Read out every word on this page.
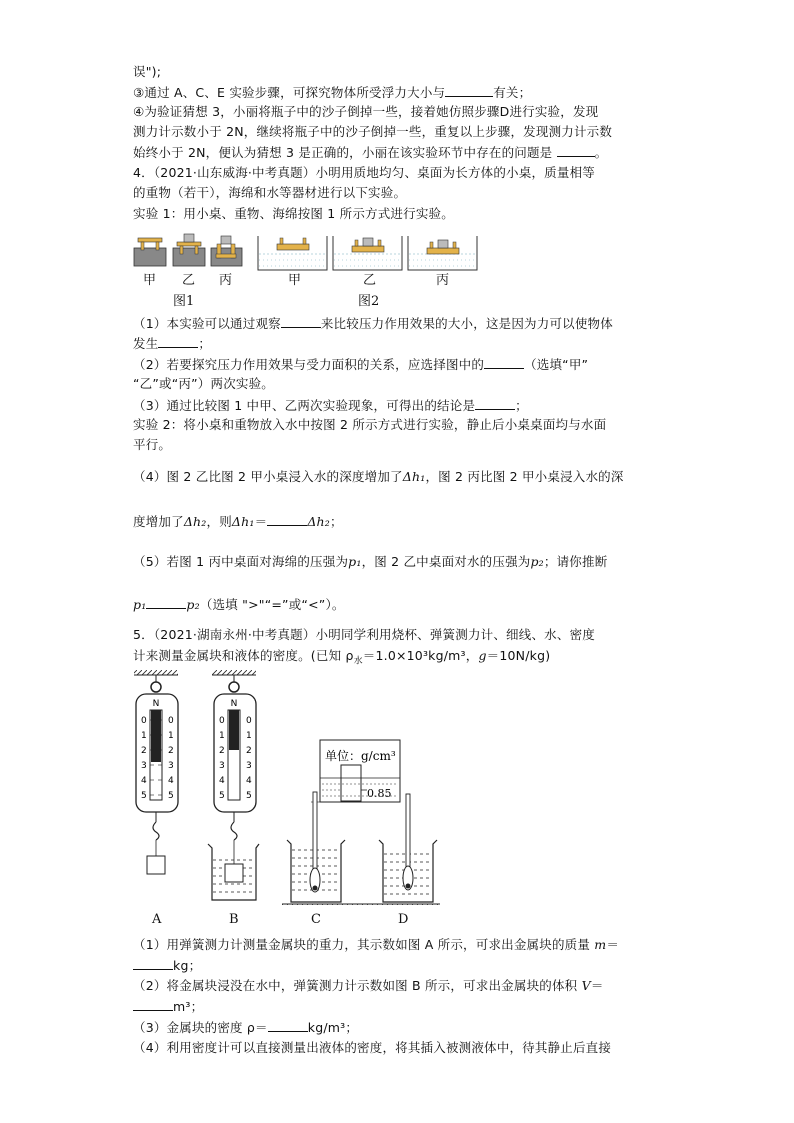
误");
③通过 A、C、E 实验步骤，可探究物体所受浮力大小与	有关；
④为验证猜想 3，小丽将瓶子中的沙子倒掉一些，接着她仿照步骤D进行实验，发现
测力计示数小于 2N，继续将瓶子中的沙子倒掉一些，重复以上步骤，发现测力计示数
始终小于 2N，便认为猜想 3 是正确的，小丽在该实验环节中存在的问题是	。
4．（2021·山东威海·中考真题）小明用质地均匀、桌面为长方体的小桌，质量相等
的重物（若干），海绵和水等器材进行以下实验。
实验 1：用小桌、重物、海绵按图 1 所示方式进行实验。
甲 乙 丙
图1
甲	乙	丙
图2
（1）本实验可以通过观察	来比较压力作用效果的大小，这是因为力可以使物体
发生	；
（2）若要探究压力作用效果与受力面积的关系，应选择图中的	（选填“甲”
“乙”或“丙”）两次实验。
（3）通过比较图 1 中甲、乙两次实验现象，可得出的结论是	；
实验 2：将小桌和重物放入水中按图 2 所示方式进行实验，静止后小桌桌面均与水面
平行。
（4）图 2 乙比图 2 甲小桌浸入水的深度增加了Δh₁，图 2 丙比图 2 甲小桌浸入水的深
度增加了Δh₂，则Δh₁＝	Δh₂；
（5）若图 1 丙中桌面对海绵的压强为p₁，图 2 乙中桌面对水的压强为p₂；请你推断
p₁	p₂（选填 ">"“=”或“<”）。
5．（2021·湖南永州·中考真题）小明同学利用烧杯、弹簧测力计、细线、水、密度
计来测量金属块和液体的密度。(已知 $\rho_水=1.0\times 10^3kg/m^3$，g＝10N/kg)
N
0 0
1 1
2 2
3 3
4 4
5 5
N
0 0
1 1
2 2
3 3
4 4
5 5
单位：g/cm³
0.85
A	B	C	D
（1）用弹簧测力计测量金属块的重力，其示数如图 A 所示，可求出金属块的质量 m＝
kg；
（2）将金属块浸没在水中，弹簧测力计示数如图 B 所示，可求出金属块的体积 V＝
m³；
（3）金属块的密度 ρ＝	kg/m³；
（4）利用密度计可以直接测量出液体的密度，将其插入被测液体中，待其静止后直接
